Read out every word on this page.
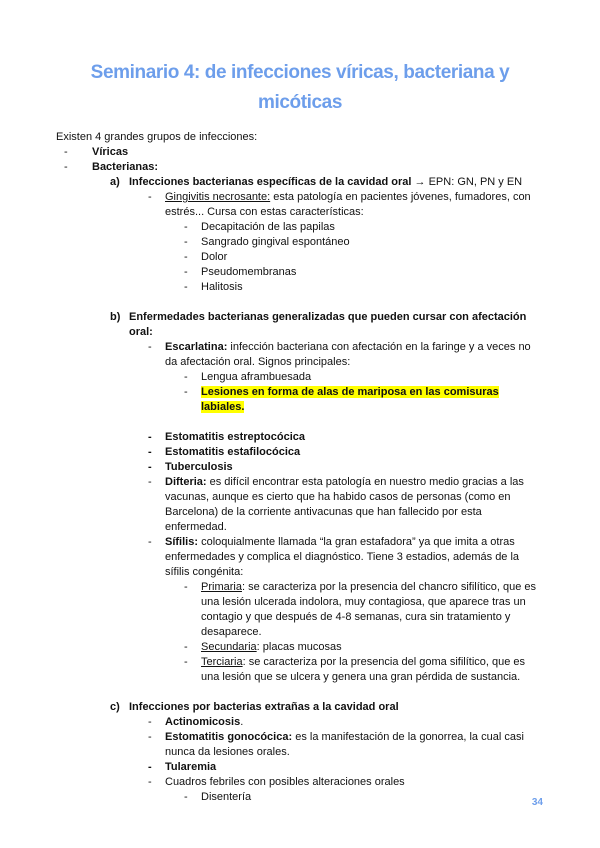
Seminario 4: de infecciones víricas, bacteriana y
micóticas
Existen 4 grandes grupos de infecciones:
- Víricas
- Bacterianas:
a) Infecciones bacterianas específicas de la cavidad oral → EPN: GN, PN y EN
- Gingivitis necrosante: esta patología en pacientes jóvenes, fumadores, con
estrés... Cursa con estas características:
- Decapitación de las papilas
- Sangrado gingival espontáneo
- Dolor
- Pseudomembranas
- Halitosis
b) Enfermedades bacterianas generalizadas que pueden cursar con afectación
oral:
- Escarlatina: infección bacteriana con afectación en la faringe y a veces no
da afectación oral. Signos principales:
- Lengua aframbuesada
- Lesiones en forma de alas de mariposa en las comisuras
labiales.
- Estomatitis estreptocócica
- Estomatitis estafilocócica
- Tuberculosis
- Difteria: es difícil encontrar esta patología en nuestro medio gracias a las
vacunas, aunque es cierto que ha habido casos de personas (como en
Barcelona) de la corriente antivacunas que han fallecido por esta
enfermedad.
- Sífilis: coloquialmente llamada “la gran estafadora” ya que imita a otras
enfermedades y complica el diagnóstico. Tiene 3 estadios, además de la
sífilis congénita:
- Primaria: se caracteriza por la presencia del chancro sifilítico, que es
una lesión ulcerada indolora, muy contagiosa, que aparece tras un
contagio y que después de 4-8 semanas, cura sin tratamiento y
desaparece.
- Secundaria: placas mucosas
- Terciaria: se caracteriza por la presencia del goma sifilítico, que es
una lesión que se ulcera y genera una gran pérdida de sustancia.
c) Infecciones por bacterias extrañas a la cavidad oral
- Actinomicosis.
- Estomatitis gonocócica: es la manifestación de la gonorrea, la cual casi
nunca da lesiones orales.
- Tularemia
- Cuadros febriles con posibles alteraciones orales
- Disentería	34
